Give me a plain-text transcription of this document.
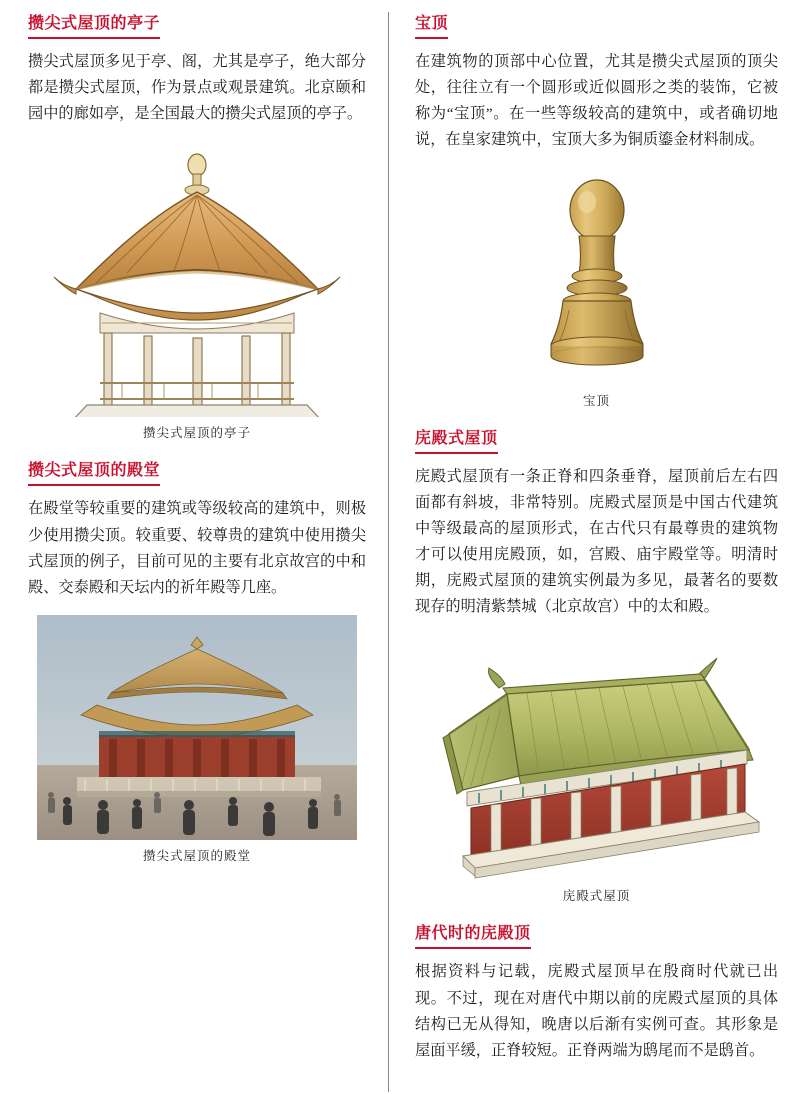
攒尖式屋顶的亭子

攒尖式屋顶多见于亭、阁，尤其是亭子，绝大部分都是攒尖式屋顶，作为景点或观景建筑。北京颐和园中的廊如亭，是全国最大的攒尖式屋顶的亭子。

攒尖式屋顶的亭子
攒尖式屋顶的殿堂

在殿堂等较重要的建筑或等级较高的建筑中，则极少使用攒尖顶。较重要、较尊贵的建筑中使用攒尖式屋顶的例子，目前可见的主要有北京故宫的中和殿、交泰殿和天坛内的祈年殿等几座。

攒尖式屋顶的殿堂
宝顶

在建筑物的顶部中心位置，尤其是攒尖式屋顶的顶尖处，往往立有一个圆形或近似圆形之类的装饰，它被称为“宝顶”。在一些等级较高的建筑中，或者确切地说，在皇家建筑中，宝顶大多为铜质鎏金材料制成。

宝顶
庑殿式屋顶

庑殿式屋顶有一条正脊和四条垂脊，屋顶前后左右四面都有斜坡，非常特别。庑殿式屋顶是中国古代建筑中等级最高的屋顶形式，在古代只有最尊贵的建筑物才可以使用庑殿顶，如，宫殿、庙宇殿堂等。明清时期，庑殿式屋顶的建筑实例最为多见，最著名的要数现存的明清紫禁城（北京故宫）中的太和殿。

庑殿式屋顶
唐代时的庑殿顶

根据资料与记载，庑殿式屋顶早在殷商时代就已出现。不过，现在对唐代中期以前的庑殿式屋顶的具体结构已无从得知，晚唐以后渐有实例可查。其形象是屋面平缓，正脊较短。正脊两端为鸱尾而不是鸱首。
